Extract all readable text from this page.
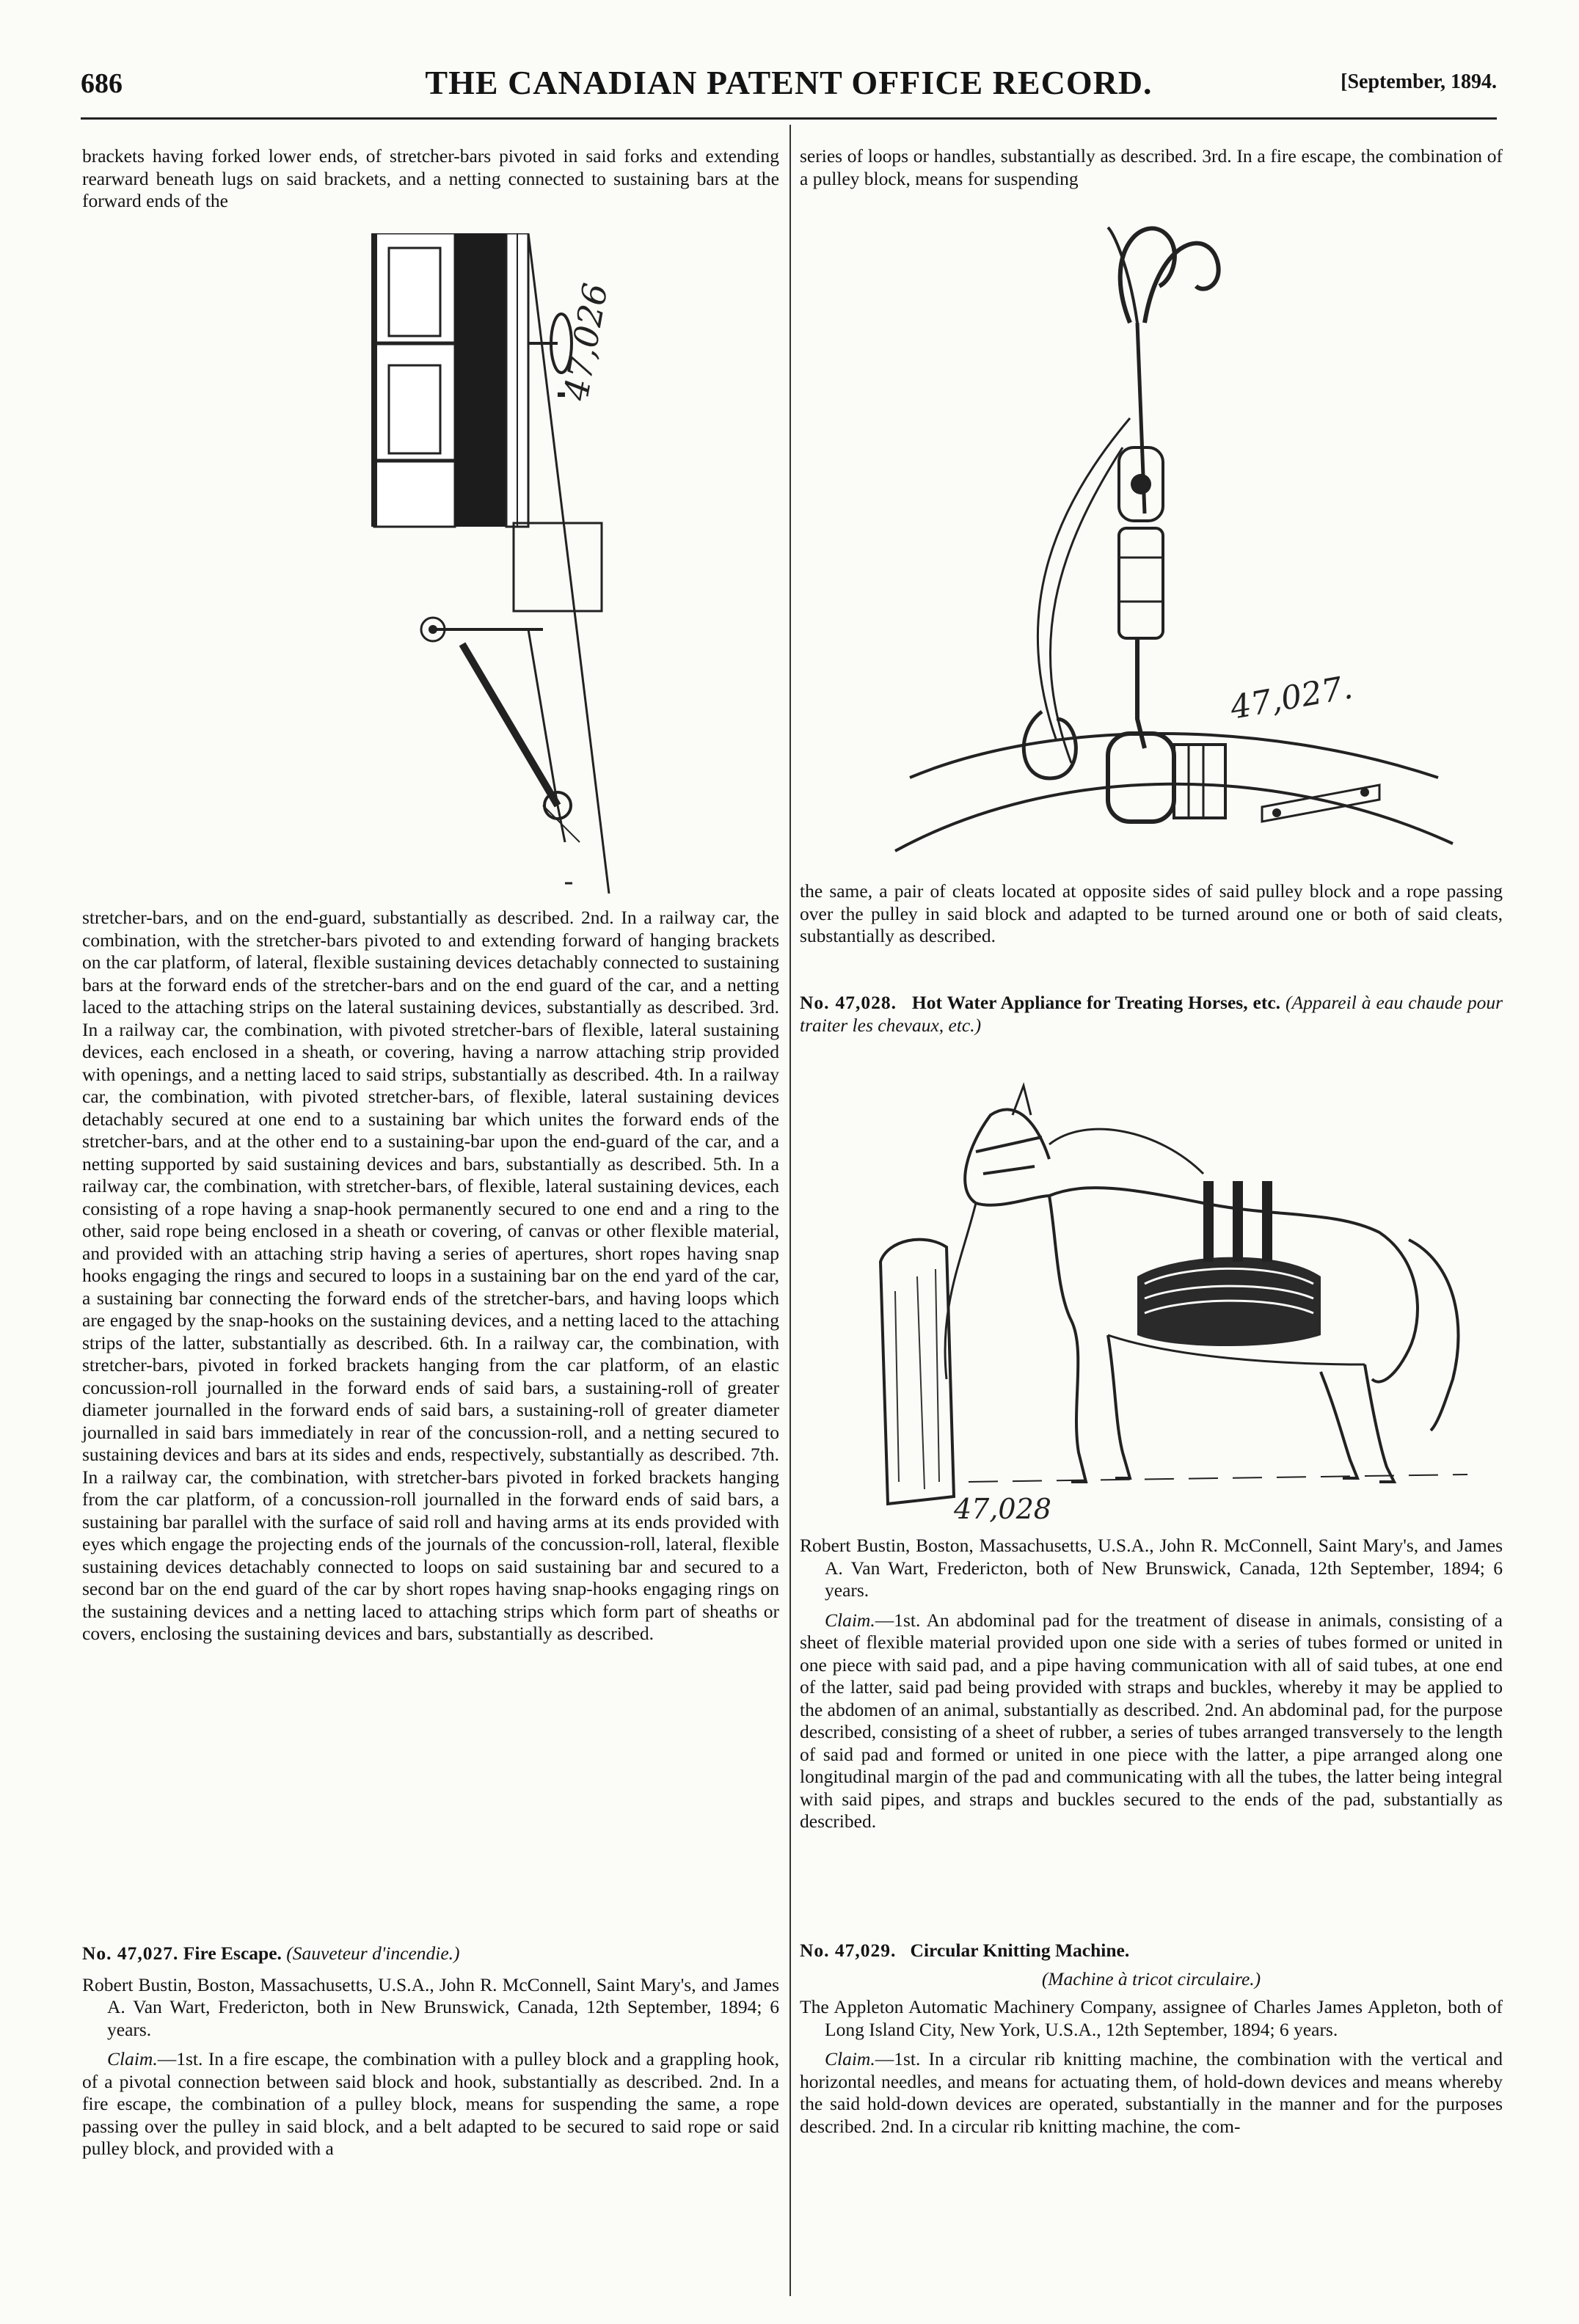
686	THE CANADIAN PATENT OFFICE RECORD.	[September, 1894.

brackets having forked lower ends, of stretcher-bars pivoted in said forks and extending rearward beneath lugs on said brackets, and a netting connected to sustaining bars at the forward ends of the

47,026

stretcher-bars, and on the end-guard, substantially as described. 2nd. In a railway car, the combination, with the stretcher-bars pivoted to and extending forward of hanging brackets on the car platform, of lateral, flexible sustaining devices detachably connected to sustaining bars at the forward ends of the stretcher-bars and on the end guard of the car, and a netting laced to the attaching strips on the lateral sustaining devices, substantially as described. 3rd. In a railway car, the combination, with pivoted stretcher-bars of flexible, lateral sustaining devices, each enclosed in a sheath, or covering, having a narrow attaching strip provided with openings, and a netting laced to said strips, substantially as described. 4th. In a railway car, the combination, with pivoted stretcher-bars, of flexible, lateral sustaining devices detachably secured at one end to a sustaining bar which unites the forward ends of the stretcher-bars, and at the other end to a sustaining-bar upon the end-guard of the car, and a netting supported by said sustaining devices and bars, substantially as described. 5th. In a railway car, the combination, with stretcher-bars, of flexible, lateral sustaining devices, each consisting of a rope having a snap-hook permanently secured to one end and a ring to the other, said rope being enclosed in a sheath or covering, of canvas or other flexible material, and provided with an attaching strip having a series of apertures, short ropes having snap hooks engaging the rings and secured to loops in a sustaining bar on the end yard of the car, a sustaining bar connecting the forward ends of the stretcher-bars, and having loops which are engaged by the snap-hooks on the sustaining devices, and a netting laced to the attaching strips of the latter, substantially as described. 6th. In a railway car, the combination, with stretcher-bars, pivoted in forked brackets hanging from the car platform, of an elastic concussion-roll journalled in the forward ends of said bars, a sustaining-roll of greater diameter journalled in the forward ends of said bars, a sustaining-roll of greater diameter journalled in said bars immediately in rear of the concussion-roll, and a netting secured to sustaining devices and bars at its sides and ends, respectively, substantially as described. 7th. In a railway car, the combination, with stretcher-bars pivoted in forked brackets hanging from the car platform, of a concussion-roll journalled in the forward ends of said bars, a sustaining bar parallel with the surface of said roll and having arms at its ends provided with eyes which engage the projecting ends of the journals of the concussion-roll, lateral, flexible sustaining devices detachably connected to loops on said sustaining bar and secured to a second bar on the end guard of the car by short ropes having snap-hooks engaging rings on the sustaining devices and a netting laced to attaching strips which form part of sheaths or covers, enclosing the sustaining devices and bars, substantially as described.

No. 47,027. Fire Escape. (Sauveteur d'incendie.)

Robert Bustin, Boston, Massachusetts, U.S.A., John R. McConnell, Saint Mary's, and James A. Van Wart, Fredericton, both in New Brunswick, Canada, 12th September, 1894; 6 years.

Claim.—1st. In a fire escape, the combination with a pulley block and a grappling hook, of a pivotal connection between said block and hook, substantially as described. 2nd. In a fire escape, the combination of a pulley block, means for suspending the same, a rope passing over the pulley in said block, and a belt adapted to be secured to said rope or said pulley block, and provided with a

series of loops or handles, substantially as described. 3rd. In a fire escape, the combination of a pulley block, means for suspending

47,027.

the same, a pair of cleats located at opposite sides of said pulley block and a rope passing over the pulley in said block and adapted to be turned around one or both of said cleats, substantially as described.

No. 47,028. Hot Water Appliance for Treating Horses, etc. (Appareil à eau chaude pour traiter les chevaux, etc.)

47,028

Robert Bustin, Boston, Massachusetts, U.S.A., John R. McConnell, Saint Mary's, and James A. Van Wart, Fredericton, both of New Brunswick, Canada, 12th September, 1894; 6 years.

Claim.—1st. An abdominal pad for the treatment of disease in animals, consisting of a sheet of flexible material provided upon one side with a series of tubes formed or united in one piece with said pad, and a pipe having communication with all of said tubes, at one end of the latter, said pad being provided with straps and buckles, whereby it may be applied to the abdomen of an animal, substantially as described. 2nd. An abdominal pad, for the purpose described, consisting of a sheet of rubber, a series of tubes arranged transversely to the length of said pad and formed or united in one piece with the latter, a pipe arranged along one longitudinal margin of the pad and communicating with all the tubes, the latter being integral with said pipes, and straps and buckles secured to the ends of the pad, substantially as described.

No. 47,029. Circular Knitting Machine.

(Machine à tricot circulaire.)

The Appleton Automatic Machinery Company, assignee of Charles James Appleton, both of Long Island City, New York, U.S.A., 12th September, 1894; 6 years.

Claim.—1st. In a circular rib knitting machine, the combination with the vertical and horizontal needles, and means for actuating them, of hold-down devices and means whereby the said hold-down devices are operated, substantially in the manner and for the purposes described. 2nd. In a circular rib knitting machine, the com-
